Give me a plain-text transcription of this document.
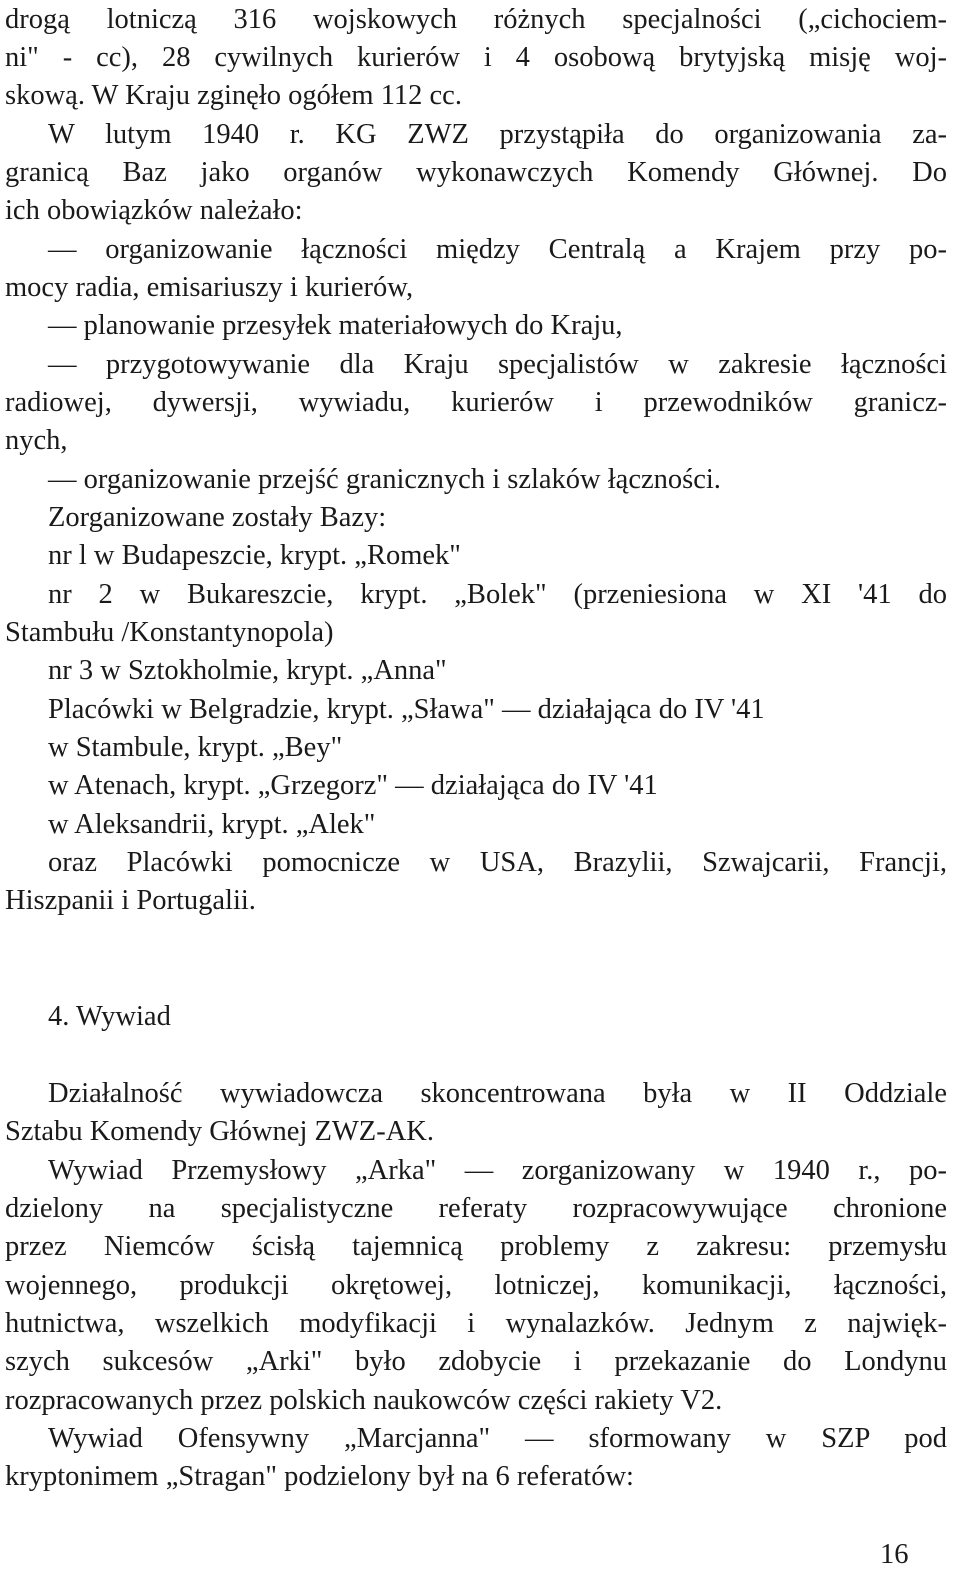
drogą lotniczą 316 wojskowych różnych specjalności („cichociem-
ni" - cc), 28 cywilnych kurierów i 4 osobową brytyjską misję woj-
skową. W Kraju zginęło ogółem 112 cc.
W lutym 1940 r. KG ZWZ przystąpiła do organizowania za-
granicą Baz jako organów wykonawczych Komendy Głównej. Do
ich obowiązków należało:
— organizowanie łączności między Centralą a Krajem przy po-
mocy radia, emisariuszy i kurierów,
— planowanie przesyłek materiałowych do Kraju,
— przygotowywanie dla Kraju specjalistów w zakresie łączności
radiowej, dywersji, wywiadu, kurierów i przewodników granicz-
nych,
— organizowanie przejść granicznych i szlaków łączności.
Zorganizowane zostały Bazy:
nr l w Budapeszcie, krypt. „Romek"
nr 2 w Bukareszcie, krypt. „Bolek" (przeniesiona w XI '41 do
Stambułu /Konstantynopola)
nr 3 w Sztokholmie, krypt. „Anna"
Placówki w Belgradzie, krypt. „Sława" — działająca do IV '41
w Stambule, krypt. „Bey"
w Atenach, krypt. „Grzegorz" — działająca do IV '41
w Aleksandrii, krypt. „Alek"
oraz Placówki pomocnicze w USA, Brazylii, Szwajcarii, Francji,
Hiszpanii i Portugalii.
4. Wywiad
Działalność wywiadowcza skoncentrowana była w II Oddziale
Sztabu Komendy Głównej ZWZ-AK.
Wywiad Przemysłowy „Arka" — zorganizowany w 1940 r., po-
dzielony na specjalistyczne referaty rozpracowywujące chronione
przez Niemców ścisłą tajemnicą problemy z zakresu: przemysłu
wojennego, produkcji okrętowej, lotniczej, komunikacji, łączności,
hutnictwa, wszelkich modyfikacji i wynalazków. Jednym z najwięk-
szych sukcesów „Arki" było zdobycie i przekazanie do Londynu
rozpracowanych przez polskich naukowców części rakiety V2.
Wywiad Ofensywny „Marcjanna" — sformowany w SZP pod
kryptonimem „Stragan" podzielony był na 6 referatów:
16
